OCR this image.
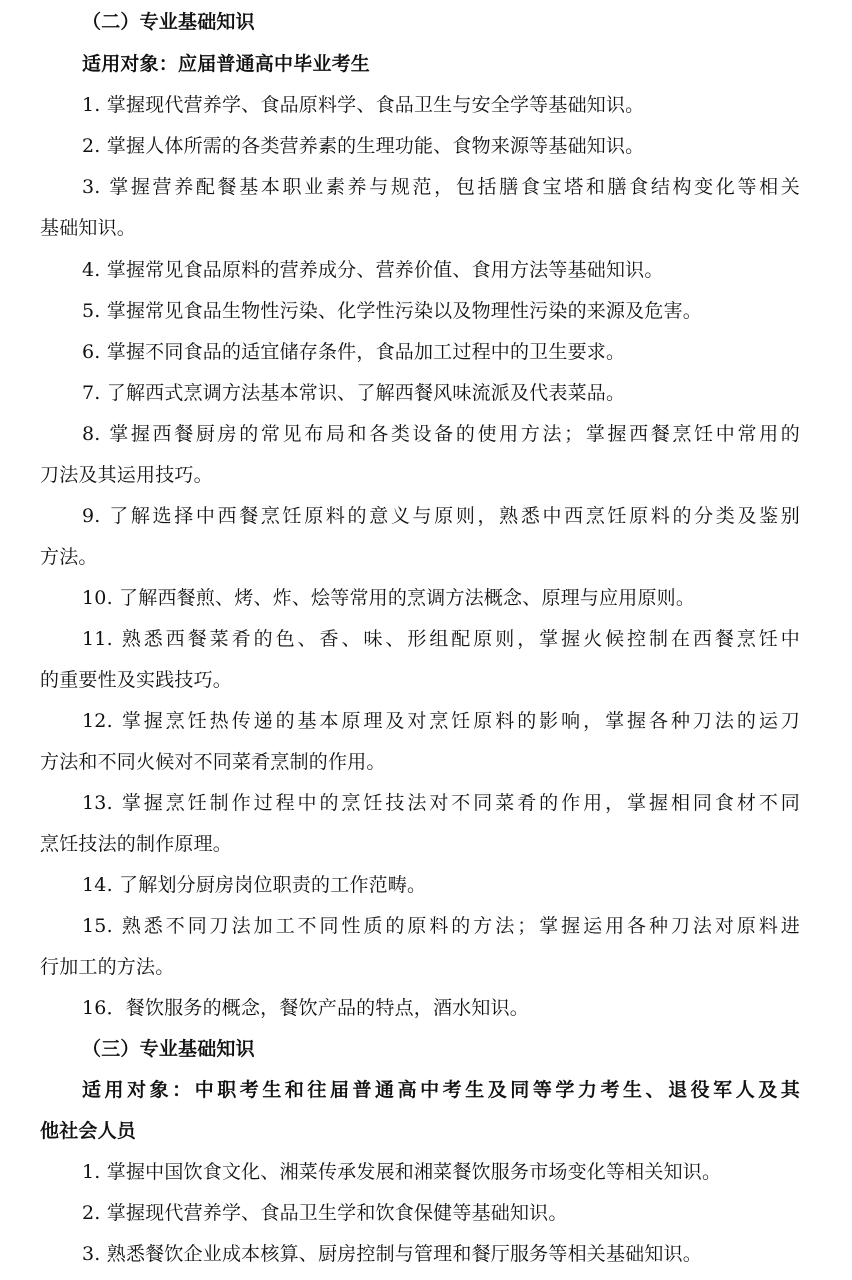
（二）专业基础知识
适用对象：应届普通高中毕业考生
1. 掌握现代营养学、食品原料学、食品卫生与安全学等基础知识。
2. 掌握人体所需的各类营养素的生理功能、食物来源等基础知识。
3. 掌握营养配餐基本职业素养与规范，包括膳食宝塔和膳食结构变化等相关
基础知识。
4. 掌握常见食品原料的营养成分、营养价值、食用方法等基础知识。
5. 掌握常见食品生物性污染、化学性污染以及物理性污染的来源及危害。
6. 掌握不同食品的适宜储存条件，食品加工过程中的卫生要求。
7. 了解西式烹调方法基本常识、了解西餐风味流派及代表菜品。
8. 掌握西餐厨房的常见布局和各类设备的使用方法；掌握西餐烹饪中常用的
刀法及其运用技巧。
9. 了解选择中西餐烹饪原料的意义与原则，熟悉中西烹饪原料的分类及鉴别
方法。
10. 了解西餐煎、烤、炸、烩等常用的烹调方法概念、原理与应用原则。
11. 熟悉西餐菜肴的色、香、味、形组配原则，掌握火候控制在西餐烹饪中
的重要性及实践技巧。
12. 掌握烹饪热传递的基本原理及对烹饪原料的影响，掌握各种刀法的运刀
方法和不同火候对不同菜肴烹制的作用。
13. 掌握烹饪制作过程中的烹饪技法对不同菜肴的作用，掌握相同食材不同
烹饪技法的制作原理。
14. 了解划分厨房岗位职责的工作范畴。
15. 熟悉不同刀法加工不同性质的原料的方法；掌握运用各种刀法对原料进
行加工的方法。
16．餐饮服务的概念，餐饮产品的特点，酒水知识。
（三）专业基础知识
适用对象：中职考生和往届普通高中考生及同等学力考生、退役军人及其
他社会人员
1. 掌握中国饮食文化、湘菜传承发展和湘菜餐饮服务市场变化等相关知识。
2. 掌握现代营养学、食品卫生学和饮食保健等基础知识。
3. 熟悉餐饮企业成本核算、厨房控制与管理和餐厅服务等相关基础知识。
